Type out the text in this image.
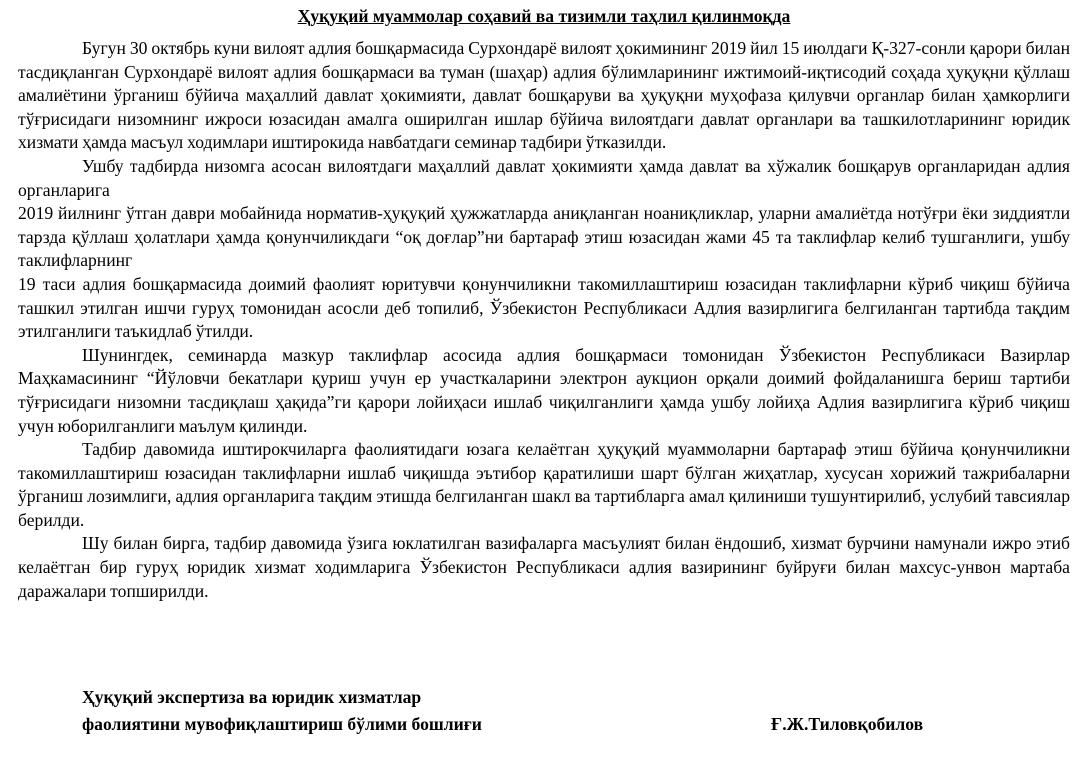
Ҳуқуқий муаммолар соҳавий ва тизимли таҳлил қилинмоқда

Бугун 30 октябрь куни вилоят адлия бошқармасида Сурхондарё вилоят ҳокимининг 2019 йил 15 июлдаги Қ-327-сонли қарори билан тасдиқланган Сурхондарё вилоят адлия бошқармаси ва туман (шаҳар) адлия бўлимларининг ижтимоий-иқтисодий соҳада ҳуқуқни қўллаш амалиётини ўрганиш бўйича маҳаллий давлат ҳокимияти, давлат бошқаруви ва ҳуқуқни муҳофаза қилувчи органлар билан ҳамкорлиги тўғрисидаги низомнинг ижроси юзасидан амалга оширилган ишлар бўйича вилоятдаги давлат органлари ва ташкилотларининг юридик хизмати ҳамда масъул ходимлари иштирокида навбатдаги семинар тадбири ўтказилди.

Ушбу тадбирда низомга асосан вилоятдаги маҳаллий давлат ҳокимияти ҳамда давлат ва хўжалик бошқарув органларидан адлия органларига

2019 йилнинг ўтган даври мобайнида норматив-ҳуқуқий ҳужжатларда аниқланган ноаниқликлар, уларни амалиётда нотўғри ёки зиддиятли тарзда қўллаш ҳолатлари ҳамда қонунчиликдаги “оқ доғлар”ни бартараф этиш юзасидан жами 45 та таклифлар келиб тушганлиги, ушбу таклифларнинг

19 таси адлия бошқармасида доимий фаолият юритувчи қонунчиликни такомиллаштириш юзасидан таклифларни кўриб чиқиш бўйича ташкил этилган ишчи гуруҳ томонидан асосли деб топилиб, Ўзбекистон Республикаси Адлия вазирлигига белгиланган тартибда тақдим этилганлиги таъкидлаб ўтилди.

Шунингдек, семинарда мазкур таклифлар асосида адлия бошқармаси томонидан Ўзбекистон Республикаси Вазирлар Маҳкамасининг “Йўловчи бекатлари қуриш учун ер участкаларини электрон аукцион орқали доимий фойдаланишга бериш тартиби тўғрисидаги низомни тасдиқлаш ҳақида”ги қарори лойиҳаси ишлаб чиқилганлиги ҳамда ушбу лойиҳа Адлия вазирлигига кўриб чиқиш учун юборилганлиги маълум қилинди.

Тадбир давомида иштирокчиларга фаолиятидаги юзага келаётган ҳуқуқий муаммоларни бартараф этиш бўйича қонунчиликни такомиллаштириш юзасидан таклифларни ишлаб чиқишда эътибор қаратилиши шарт бўлган жиҳатлар, хусусан хорижий тажрибаларни ўрганиш лозимлиги, адлия органларига тақдим этишда белгиланган шакл ва тартибларга амал қилиниши тушунтирилиб, услубий тавсиялар берилди.

Шу билан бирга, тадбир давомида ўзига юклатилган вазифаларга масъулият билан ёндошиб, хизмат бурчини намунали ижро этиб келаётган бир гуруҳ юридик хизмат ходимларига Ўзбекистон Республикаси адлия вазирининг буйруғи билан махсус-унвон мартаба даражалари топширилди.

Ҳуқуқий экспертиза ва юридик хизматлар
фаолиятини мувофиқлаштириш бўлими бошлиғи	Ғ.Ж.Тиловқобилов
